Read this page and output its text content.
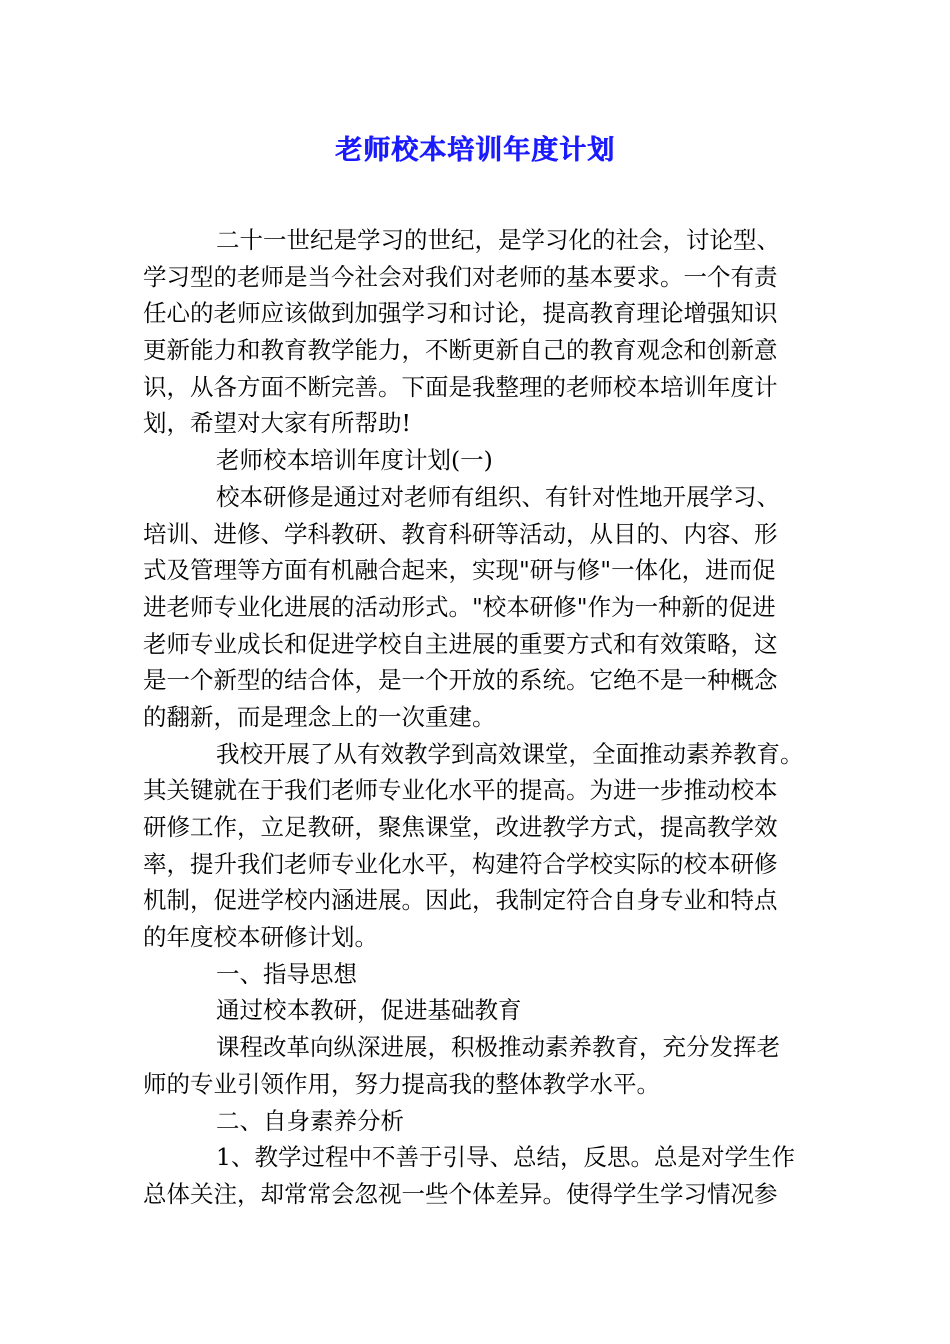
老师校本培训年度计划
二十一世纪是学习的世纪，是学习化的社会，讨论型、
学习型的老师是当今社会对我们对老师的基本要求。一个有责
任心的老师应该做到加强学习和讨论，提高教育理论增强知识
更新能力和教育教学能力，不断更新自己的教育观念和创新意
识，从各方面不断完善。下面是我整理的老师校本培训年度计
划，希望对大家有所帮助!
老师校本培训年度计划(一)
校本研修是通过对老师有组织、有针对性地开展学习、
培训、进修、学科教研、教育科研等活动，从目的、内容、形
式及管理等方面有机融合起来，实现"研与修"一体化，进而促
进老师专业化进展的活动形式。"校本研修"作为一种新的促进
老师专业成长和促进学校自主进展的重要方式和有效策略，这
是一个新型的结合体，是一个开放的系统。它绝不是一种概念
的翻新，而是理念上的一次重建。
我校开展了从有效教学到高效课堂，全面推动素养教育。
其关键就在于我们老师专业化水平的提高。为进一步推动校本
研修工作，立足教研，聚焦课堂，改进教学方式，提高教学效
率，提升我们老师专业化水平，构建符合学校实际的校本研修
机制，促进学校内涵进展。因此，我制定符合自身专业和特点
的年度校本研修计划。
一、指导思想
通过校本教研，促进基础教育
课程改革向纵深进展，积极推动素养教育，充分发挥老
师的专业引领作用，努力提高我的整体教学水平。
二、自身素养分析
1、教学过程中不善于引导、总结，反思。总是对学生作
总体关注，却常常会忽视一些个体差异。使得学生学习情况参
